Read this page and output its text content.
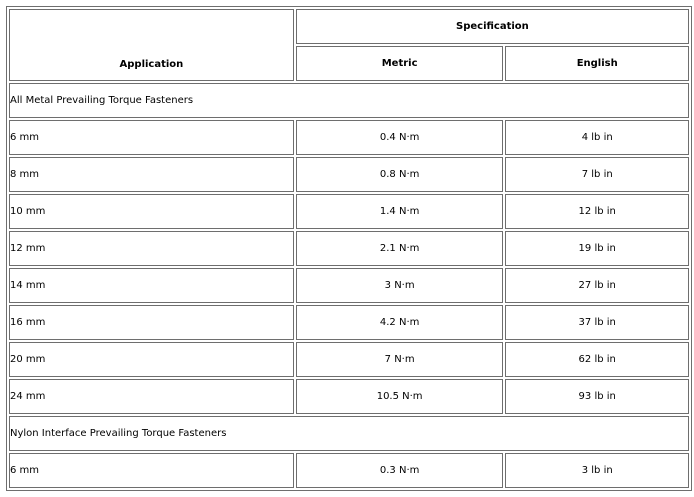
Application	Specification	
	Metric	English
All Metal Prevailing Torque Fasteners		
6 mm	0.4 N·m	4 lb in
8 mm	0.8 N·m	7 lb in
10 mm	1.4 N·m	12 lb in
12 mm	2.1 N·m	19 lb in
14 mm	3 N·m	27 lb in
16 mm	4.2 N·m	37 lb in
20 mm	7 N·m	62 lb in
24 mm	10.5 N·m	93 lb in
Nylon Interface Prevailing Torque Fasteners		
6 mm	0.3 N·m	3 lb in
